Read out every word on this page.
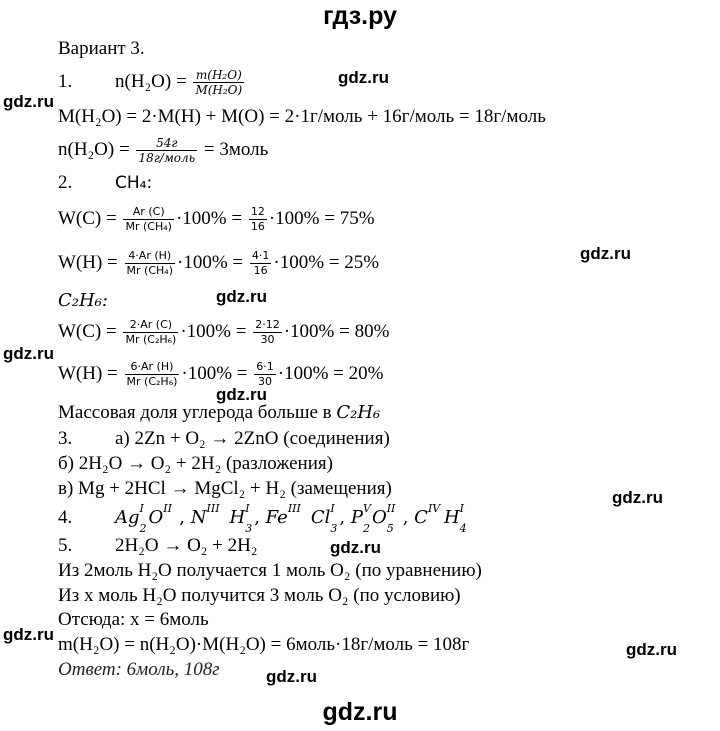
гдз.ру
gdz.ru
gdz.ru
gdz.ru
gdz.ru
gdz.ru
gdz.ru
gdz.ru
gdz.ru
gdz.ru
gdz.ru
gdz.ru
gdz.ru
Вариант 3.
1. $n(H_2O) = \frac{\text{m(H₂O)}}{\text{M(H₂O)}}$
M(H₂O) = 2·M(H) + M(O) = 2·1г/моль + 16г/моль = 18г/моль
$n(H_2O) = \frac{54г}{\text{18г/моль}}$ = 3моль
2.	CH₄:
$W(C) = \frac{Ar (C)}{\text{Mr (CH₄)}} \cdot 100\% = \frac{12}{16} \cdot 100\% = 75\%$
$W(H) = \frac{4\cdot Ar (H)}{\text{Mr (CH₄)}} \cdot 100\% = \frac{4\cdot 1}{16} \cdot 100\% = 25\%$
C₂H₆:
$W(C) = \frac{2\cdot Ar (C)}{\text{Mr (C₂H₆)}} \cdot 100\% = \frac{2\cdot 12}{30} \cdot 100\% = 80\%$
$W(H) = \frac{6\cdot Ar (H)}{\text{Mr (C₂H₆)}} \cdot 100\% = \frac{6\cdot 1}{30} \cdot 100\% = 20\%$
Массовая доля углерода больше в C₂H₆
3. а) 2Zn + O₂ → 2ZnO (соединения)
б) 2H₂O → O₂ + 2H₂ (разложения)
в) Mg + 2HCl → MgCl₂ + H₂ (замещения)
4. Ag I
2
O II , N III H I
3
, Fe III Cl I
3
, P V
2
O II
5
, C IV H I
4
5. 2H₂O → O₂ + 2H₂
Из 2моль H₂O получается 1 моль O₂ (по уравнению)
Из x моль H₂O получится 3 моль O₂ (по условию)
Отсюда: x = 6моль
m(H₂O) = n(H₂O)·M(H₂O) = 6моль·18г/моль = 108г
Ответ: 6моль, 108г
